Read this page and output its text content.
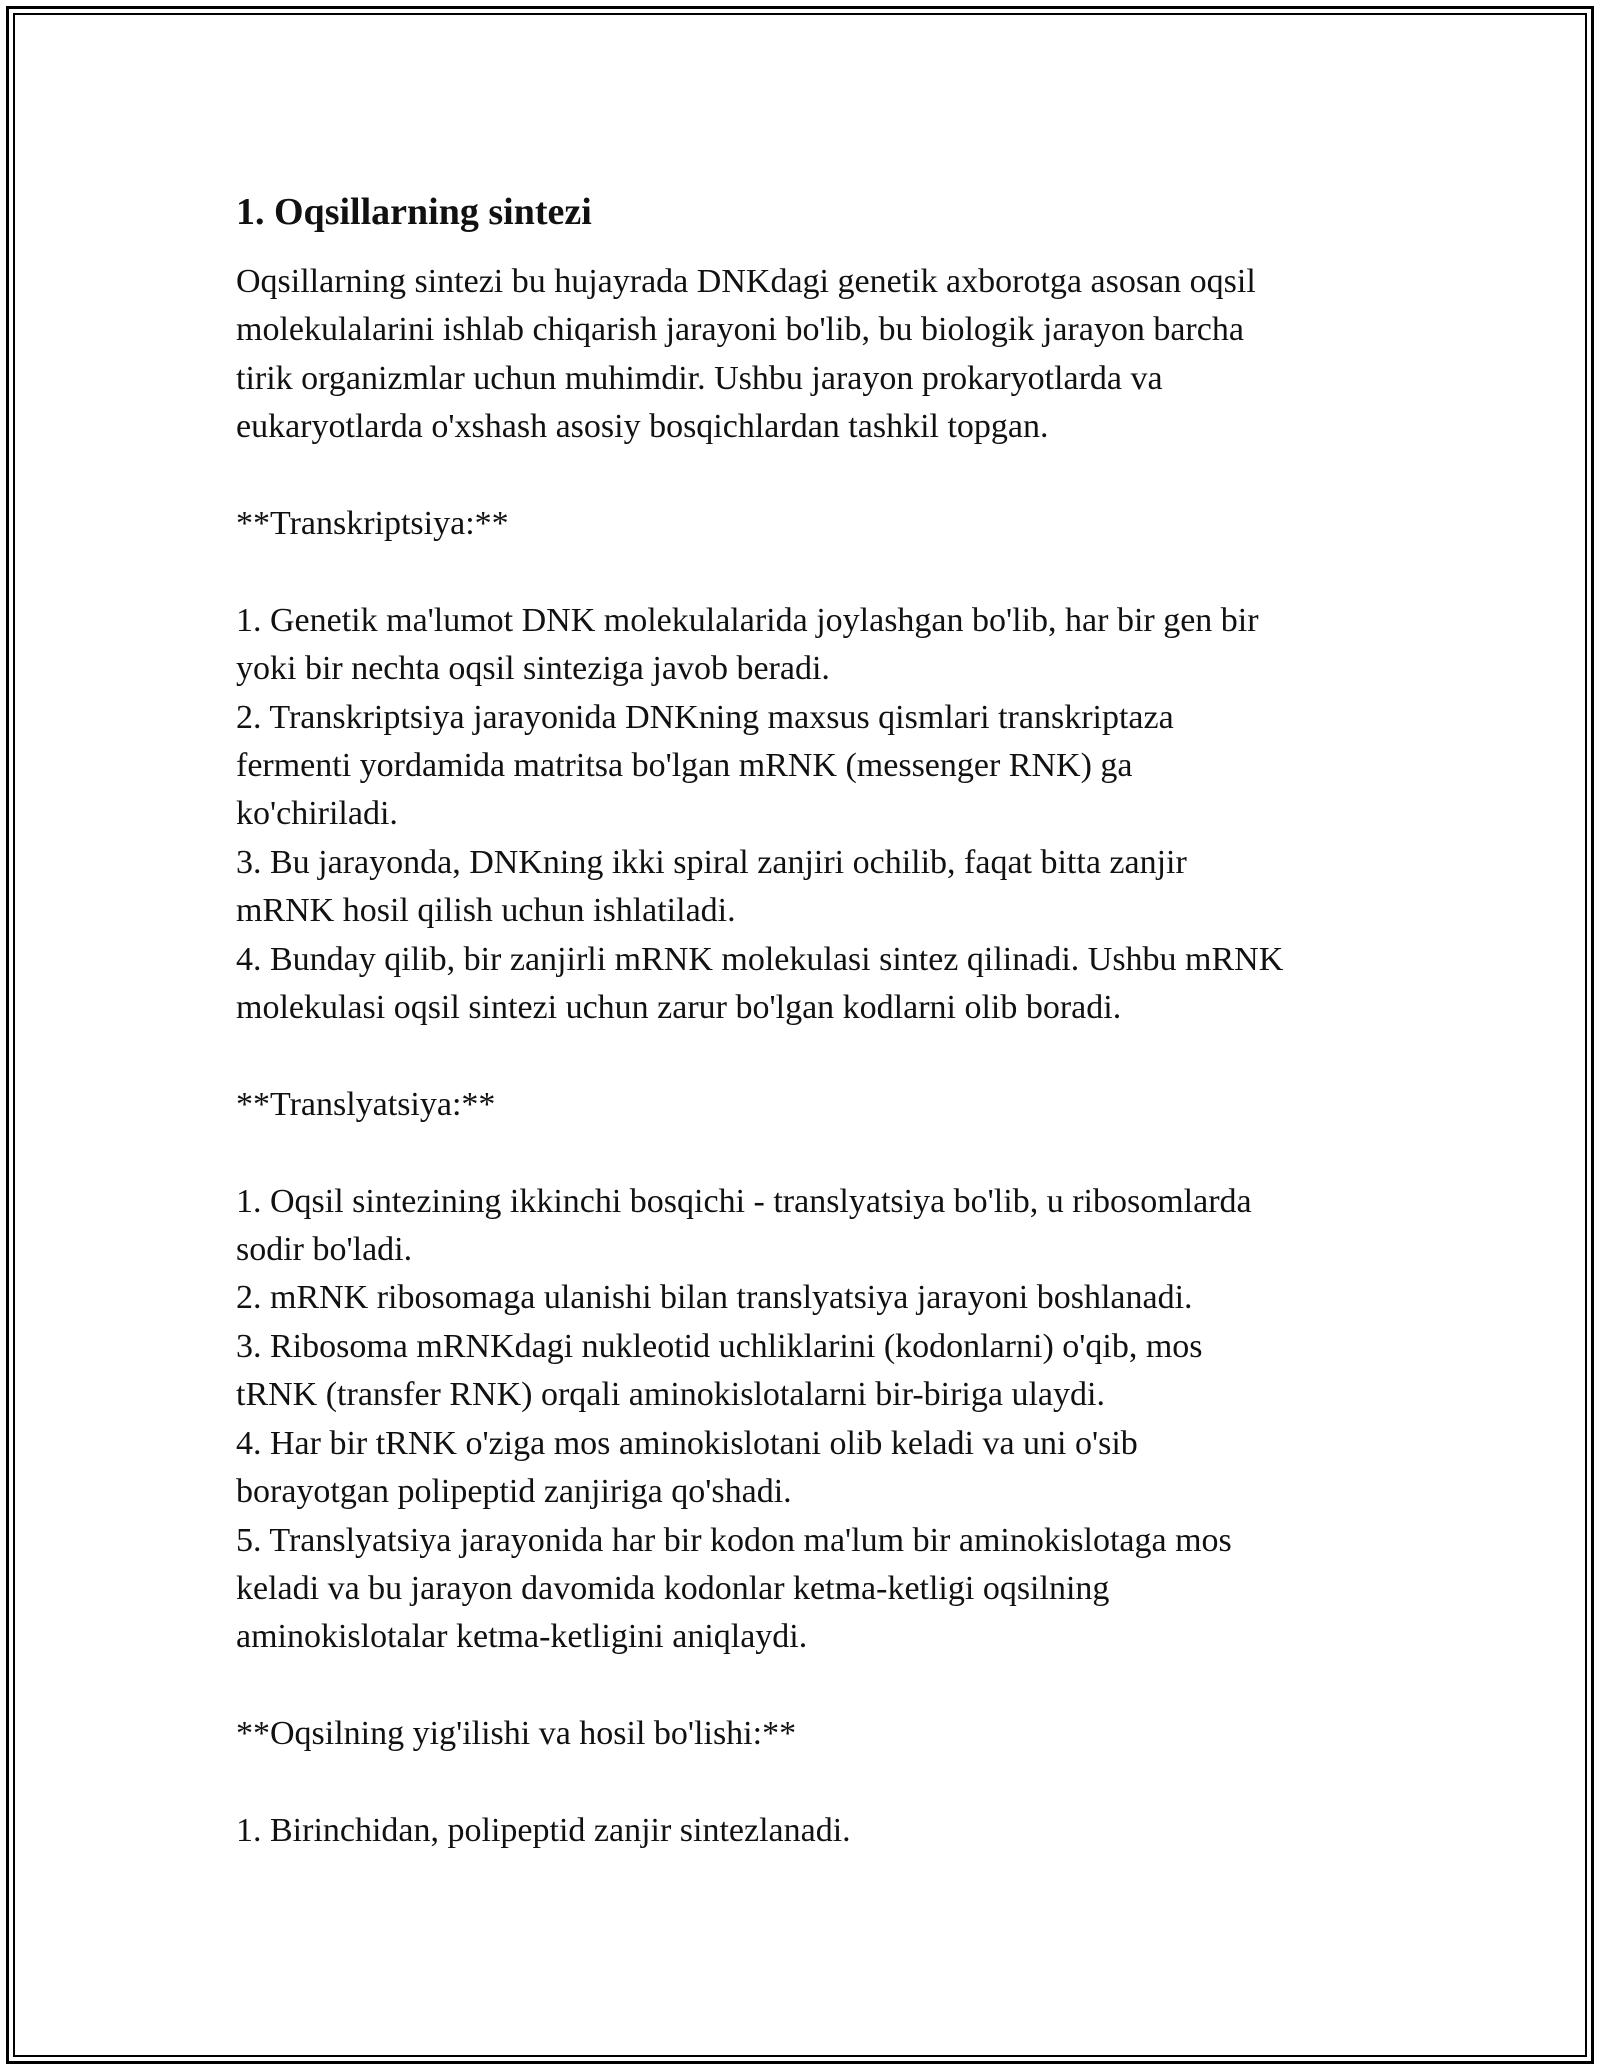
1. Oqsillarning sintezi

Oqsillarning sintezi bu hujayrada DNKdagi genetik axborotga asosan oqsil
molekulalarini ishlab chiqarish jarayoni bo'lib, bu biologik jarayon barcha
tirik organizmlar uchun muhimdir. Ushbu jarayon prokaryotlarda va
eukaryotlarda o'xshash asosiy bosqichlardan tashkil topgan.

**Transkriptsiya:**

1. Genetik ma'lumot DNK molekulalarida joylashgan bo'lib, har bir gen bir
yoki bir nechta oqsil sinteziga javob beradi.

2. Transkriptsiya jarayonida DNKning maxsus qismlari transkriptaza
fermenti yordamida matritsa bo'lgan mRNK (messenger RNK) ga
ko'chiriladi.

3. Bu jarayonda, DNKning ikki spiral zanjiri ochilib, faqat bitta zanjir
mRNK hosil qilish uchun ishlatiladi.

4. Bunday qilib, bir zanjirli mRNK molekulasi sintez qilinadi. Ushbu mRNK
molekulasi oqsil sintezi uchun zarur bo'lgan kodlarni olib boradi.

**Translyatsiya:**

1. Oqsil sintezining ikkinchi bosqichi - translyatsiya bo'lib, u ribosomlarda
sodir bo'ladi.

2. mRNK ribosomaga ulanishi bilan translyatsiya jarayoni boshlanadi.

3. Ribosoma mRNKdagi nukleotid uchliklarini (kodonlarni) o'qib, mos
tRNK (transfer RNK) orqali aminokislotalarni bir-biriga ulaydi.

4. Har bir tRNK o'ziga mos aminokislotani olib keladi va uni o'sib
borayotgan polipeptid zanjiriga qo'shadi.

5. Translyatsiya jarayonida har bir kodon ma'lum bir aminokislotaga mos
keladi va bu jarayon davomida kodonlar ketma-ketligi oqsilning
aminokislotalar ketma-ketligini aniqlaydi.

**Oqsilning yig'ilishi va hosil bo'lishi:**

1. Birinchidan, polipeptid zanjir sintezlanadi.
